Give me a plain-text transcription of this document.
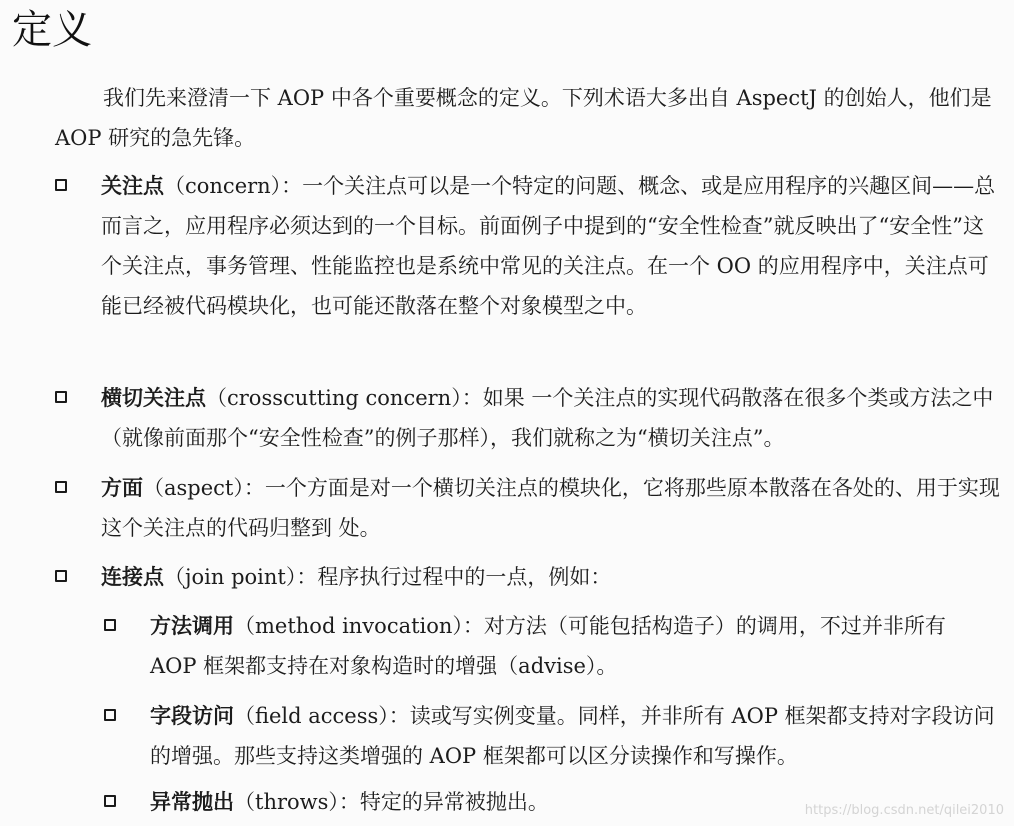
定义
我们先来澄清一下 AOP 中各个重要概念的定义。下列术语大多出自 AspectJ 的创始人，他们是 AOP 研究的急先锋。
关注点（concern）：一个关注点可以是一个特定的问题、概念、或是应用程序的兴趣区间——总而言之，应用程序必须达到的一个目标。前面例子中提到的“安全性检查”就反映出了“安全性”这个关注点，事务管理、性能监控也是系统中常见的关注点。在一个 OO 的应用程序中，关注点可能已经被代码模块化，也可能还散落在整个对象模型之中。
横切关注点（crosscutting concern）：如果 一个关注点的实现代码散落在很多个类或方法之中（就像前面那个“安全性检查”的例子那样），我们就称之为“横切关注点”。
方面（aspect）：一个方面是对一个横切关注点的模块化，它将那些原本散落在各处的、用于实现这个关注点的代码归整到 处。
连接点（join point）：程序执行过程中的一点，例如：
方法调用（method invocation）：对方法（可能包括构造子）的调用，不过并非所有 AOP 框架都支持在对象构造时的增强（advise）。
字段访问（field access）：读或写实例变量。同样，并非所有 AOP 框架都支持对字段访问的增强。那些支持这类增强的 AOP 框架都可以区分读操作和写操作。
异常抛出（throws）：特定的异常被抛出。	https://blog.csdn.net/qilei2010
